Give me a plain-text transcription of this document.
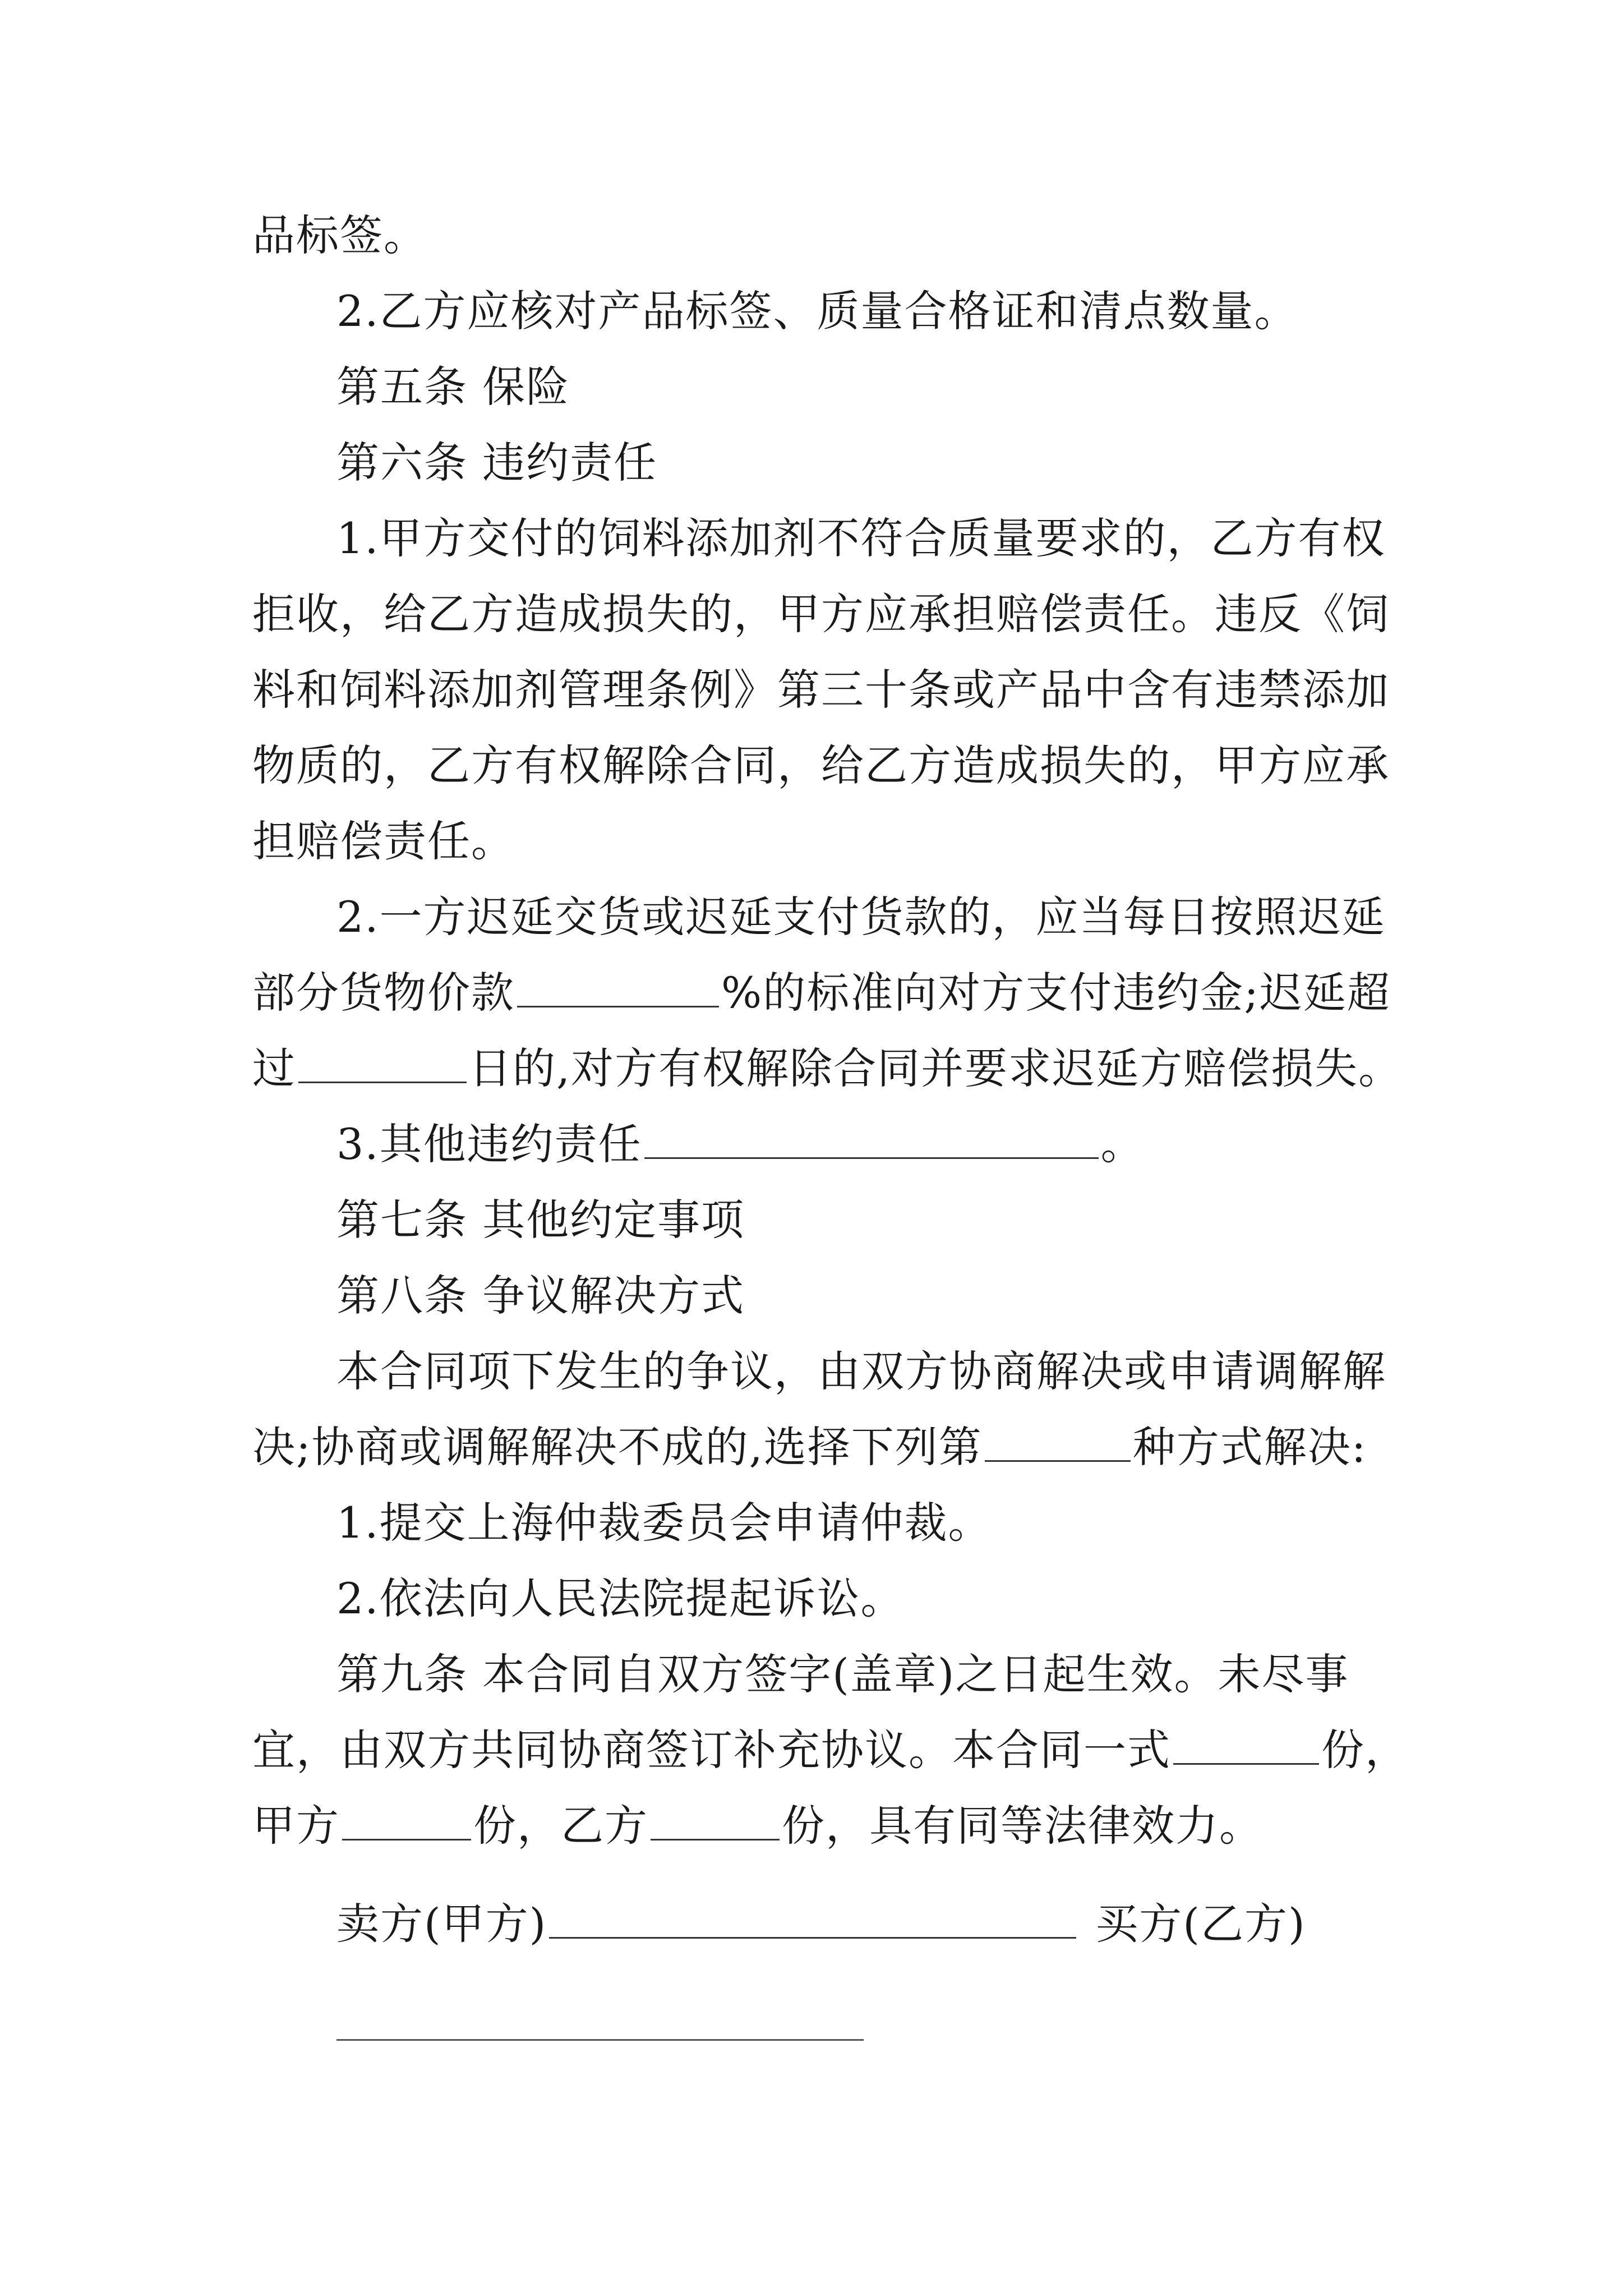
品标签。
2.乙方应核对产品标签、质量合格证和清点数量。
第五条 保险
第六条 违约责任
1.甲方交付的饲料添加剂不符合质量要求的，乙方有权
拒收，给乙方造成损失的，甲方应承担赔偿责任。违反《饲
料和饲料添加剂管理条例》第三十条或产品中含有违禁添加
物质的，乙方有权解除合同，给乙方造成损失的，甲方应承
担赔偿责任。
2.一方迟延交货或迟延支付货款的，应当每日按照迟延
部分货物价款	%的标准向对方支付违约金;迟延超
过	日的,对方有权解除合同并要求迟延方赔偿损失。
3.其他违约责任	。
第七条 其他约定事项
第八条 争议解决方式
本合同项下发生的争议，由双方协商解决或申请调解解
决;协商或调解解决不成的,选择下列第	种方式解决:
1.提交上海仲裁委员会申请仲裁。
2.依法向人民法院提起诉讼。
第九条 本合同自双方签字(盖章)之日起生效。未尽事
宜，由双方共同协商签订补充协议。本合同一式	份，
甲方	份，乙方	份，具有同等法律效力。
卖方(甲方)	买方(乙方)
